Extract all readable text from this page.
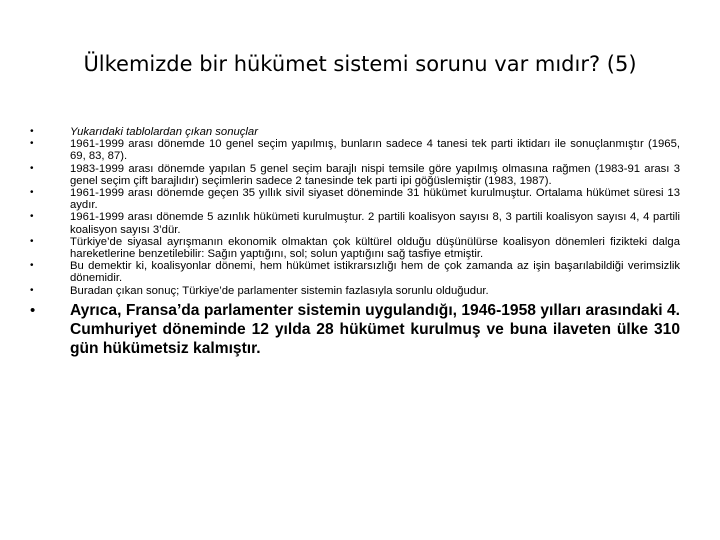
Ülkemizde bir hükümet sistemi sorunu var mıdır? (5)
•	Yukarıdaki tablolardan çıkan sonuçlar
•	1961-1999 arası dönemde 10 genel seçim yapılmış, bunların sadece 4 tanesi tek parti iktidarı ile sonuçlanmıştır (1965, 69, 83, 87).
•	1983-1999 arası dönemde yapılan 5 genel seçim barajlı nispi temsile göre yapılmış olmasına rağmen (1983-91 arası 3 genel seçim çift barajlıdır) seçimlerin sadece 2 tanesinde tek parti ipi göğüslemiştir (1983, 1987).
•	1961-1999 arası dönemde geçen 35 yıllık sivil siyaset döneminde 31 hükümet kurulmuştur. Ortalama hükümet süresi 13 aydır.
•	1961-1999 arası dönemde 5 azınlık hükümeti kurulmuştur. 2 partili koalisyon sayısı 8, 3 partili koalisyon sayısı 4, 4 partili koalisyon sayısı 3’dür.
•	Türkiye’de siyasal ayrışmanın ekonomik olmaktan çok kültürel olduğu düşünülürse koalisyon dönemleri fizikteki dalga hareketlerine benzetilebilir: Sağın yaptığını, sol; solun yaptığını sağ tasfiye etmiştir.
•	Bu demektir ki, koalisyonlar dönemi, hem hükümet istikrarsızlığı hem de çok zamanda az işin başarılabildiği verimsizlik dönemidir.
•	Buradan çıkan sonuç; Türkiye’de parlamenter sistemin fazlasıyla sorunlu olduğudur.
• Ayrıca, Fransa’da parlamenter sistemin uygulandığı, 1946-1958 yılları arasındaki 4. Cumhuriyet döneminde 12 yılda 28 hükümet kurulmuş ve buna ilaveten ülke 310 gün hükümetsiz kalmıştır.
